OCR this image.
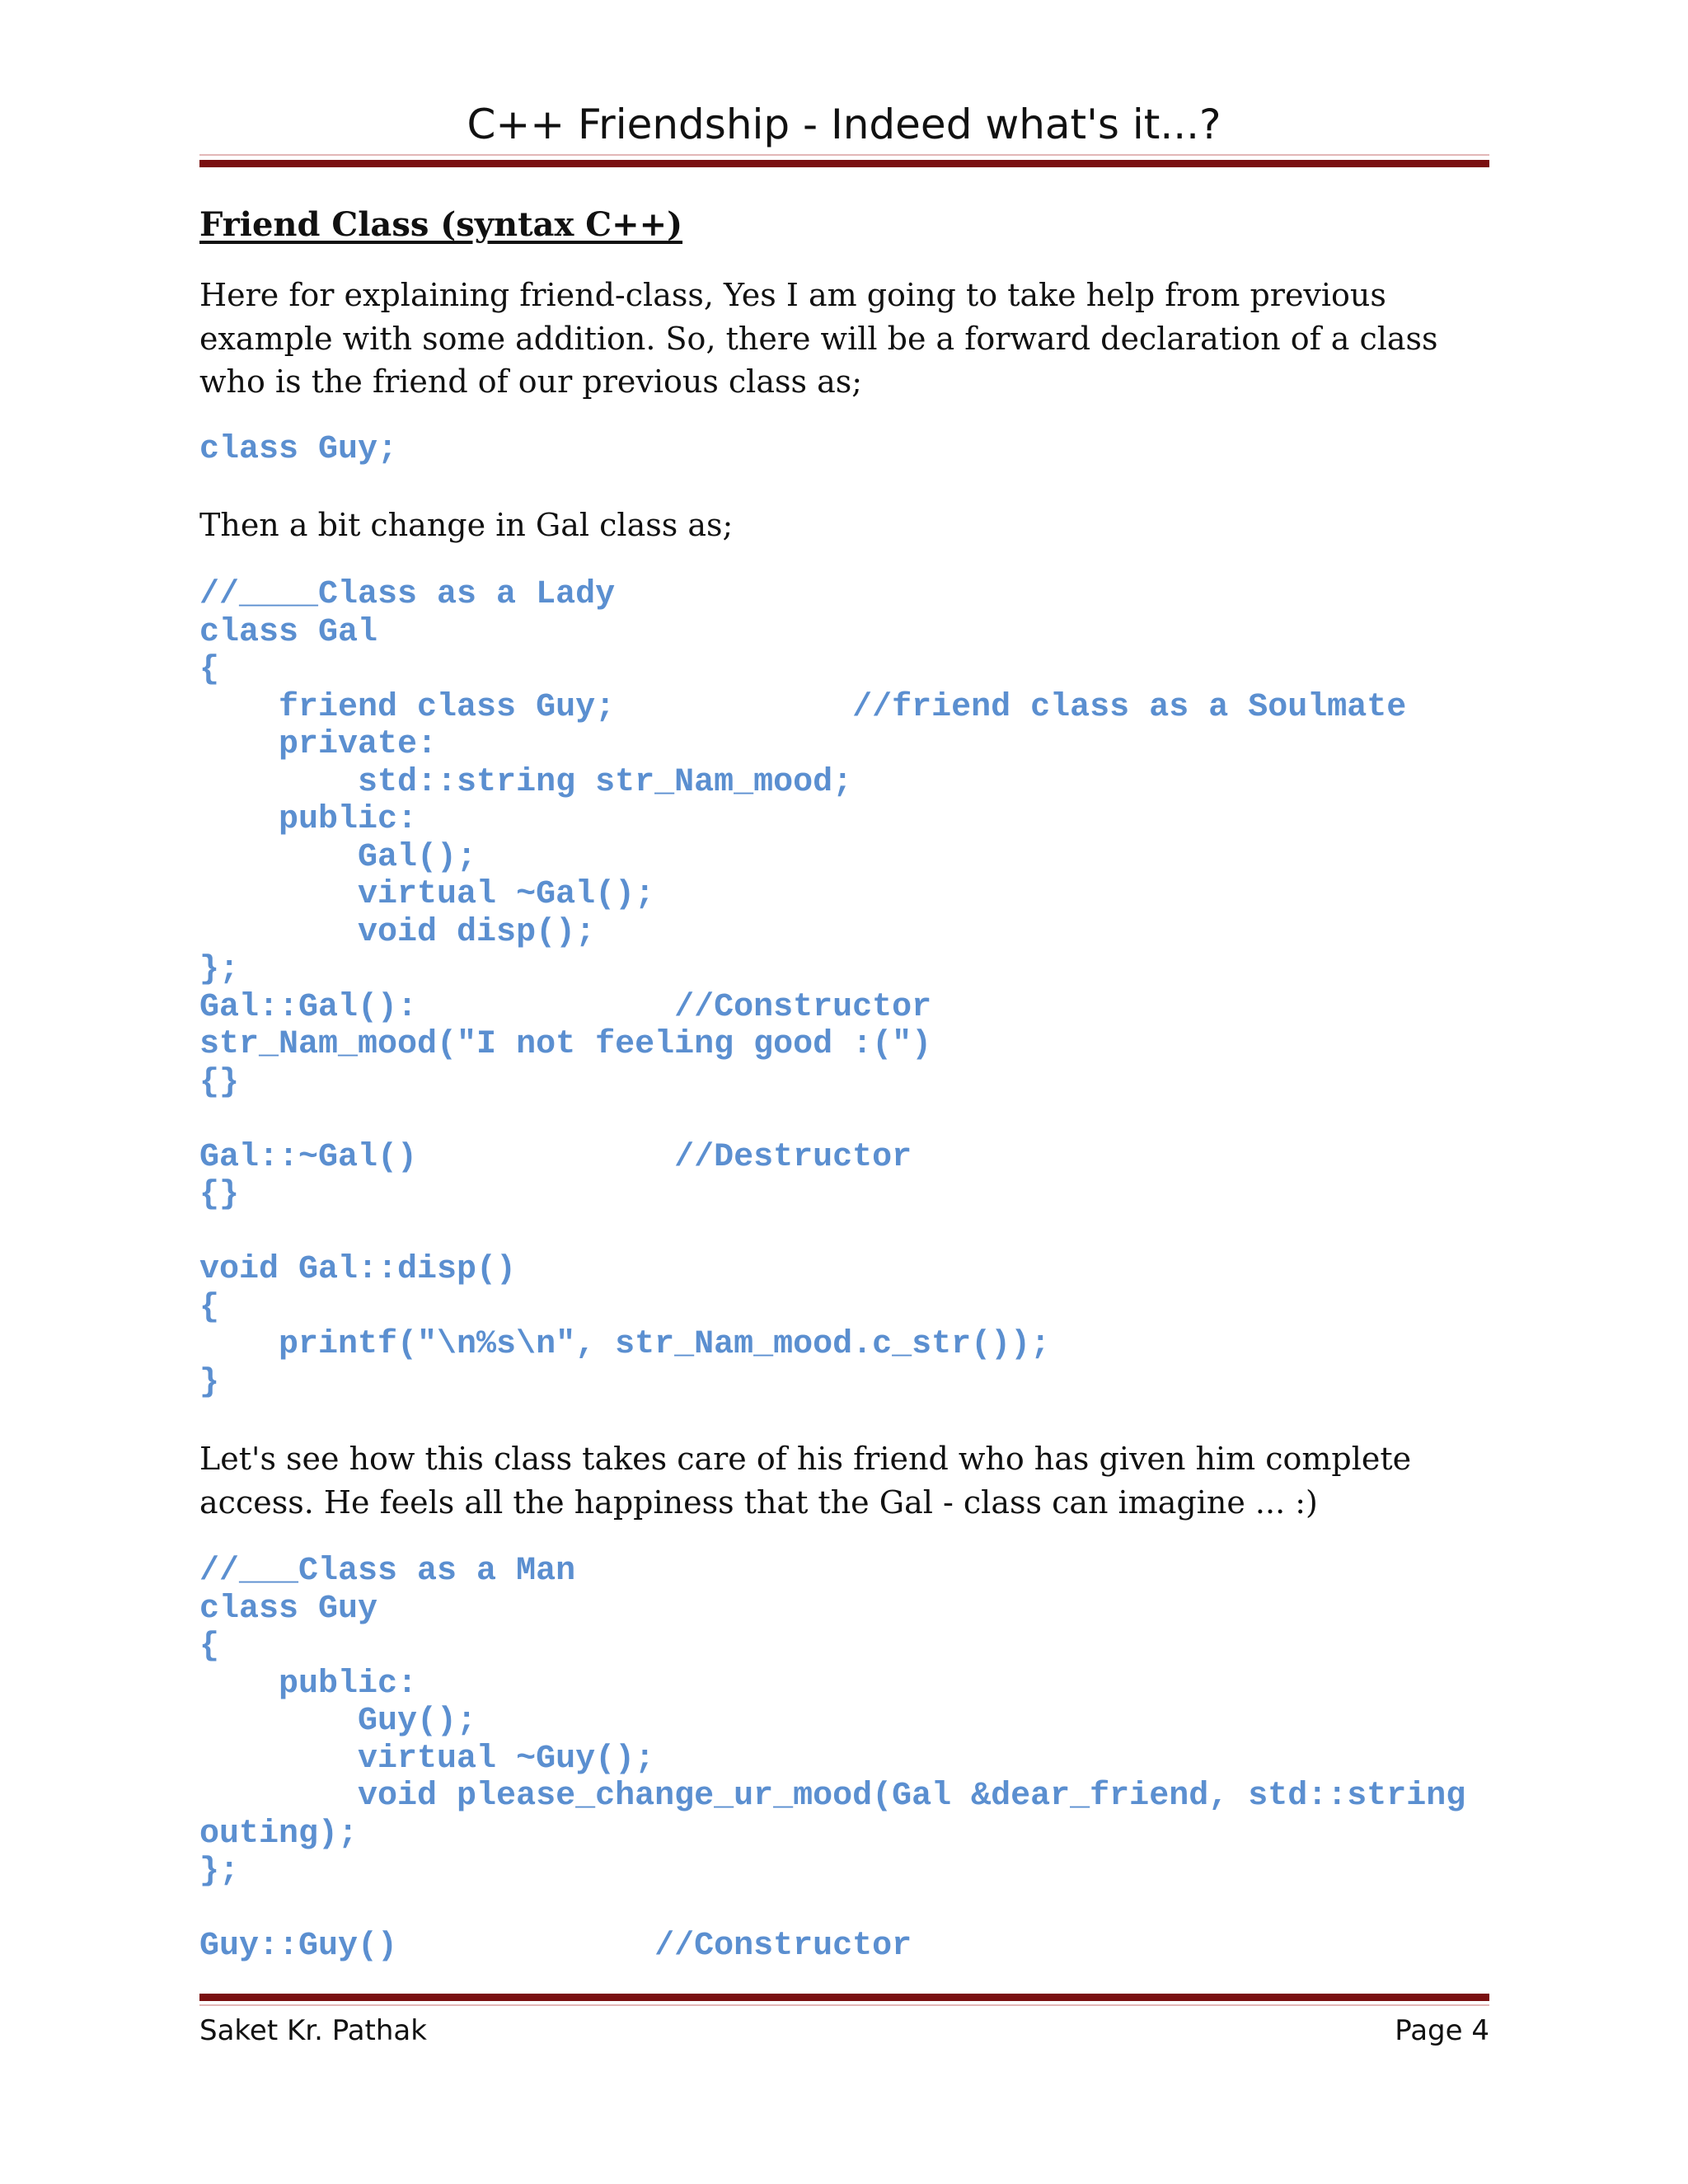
C++ Friendship - Indeed what's it...?
Friend Class (syntax C++)

Here for explaining friend-class, Yes I am going to take help from previous example with some addition. So, there will be a forward declaration of a class who is the friend of our previous class as;

class Guy;

Then a bit change in Gal class as;

//____Class as a Lady
class Gal
{
friend class Guy;            //friend class as a Soulmate
private:
std::string str_Nam_mood;
public:
Gal();
virtual ~Gal();
void disp();
};
Gal::Gal():             //Constructor
str_Nam_mood("I not feeling good :(")
{}

Gal::~Gal()             //Destructor
{}

void Gal::disp()
{
printf("\n%s\n", str_Nam_mood.c_str());
}

Let's see how this class takes care of his friend who has given him complete access. He feels all the happiness that the Gal - class can imagine ... :)

//___Class as a Man
class Guy
{
public:
Guy();
virtual ~Guy();
void please_change_ur_mood(Gal &dear_friend, std::string
outing);
};

Guy::Guy()             //Constructor
Saket Kr. Pathak	Page 4
